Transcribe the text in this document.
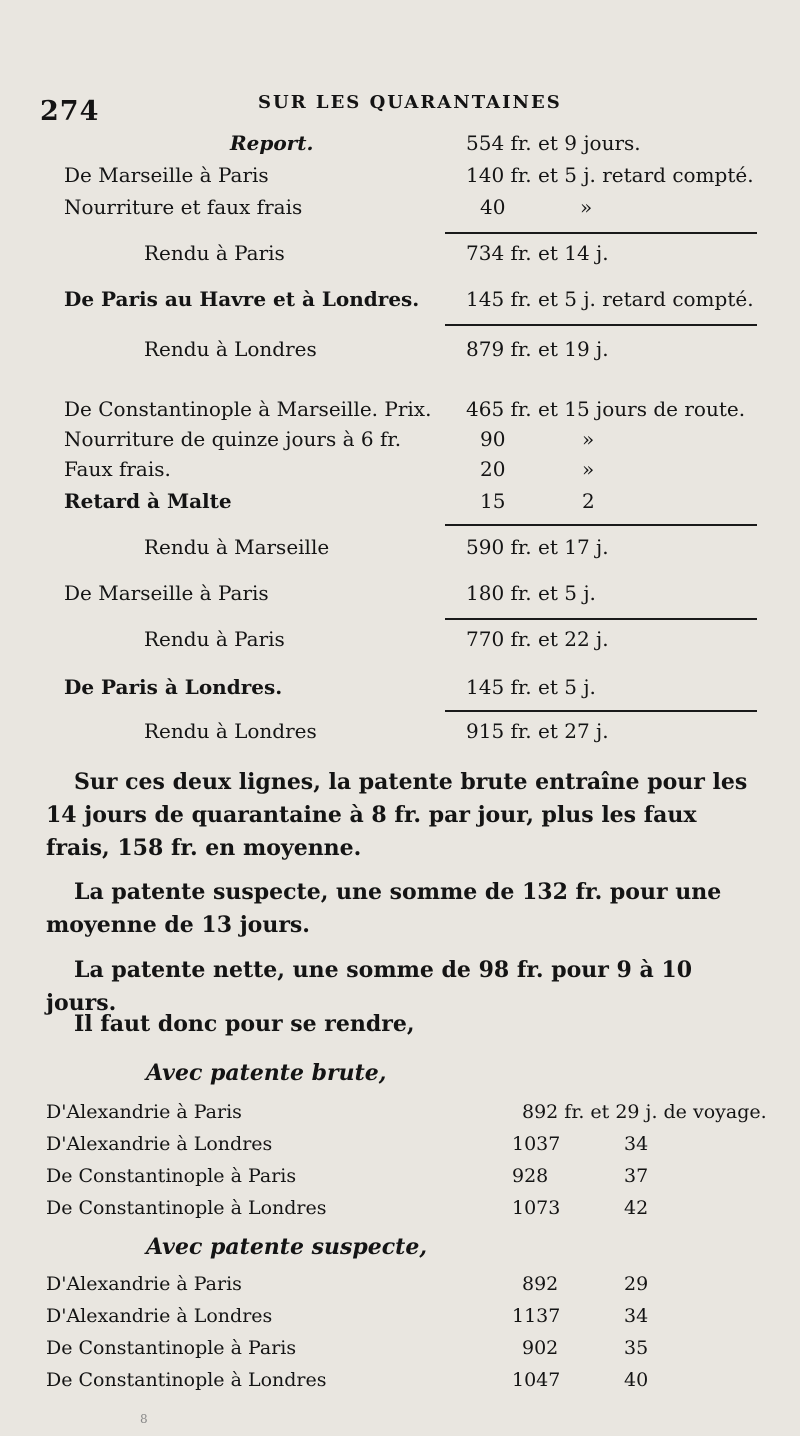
274	SUR LES QUARANTAINES
Report.	554 fr. et 9 jours.
De Marseille à Paris	140 fr. et 5 j. retard compté.
Nourriture et faux frais	40	»
Rendu à Paris	734 fr. et 14 j.
De Paris au Havre et à Londres. 145 fr. et 5 j. retard compté.
Rendu à Londres	879 fr. et 19 j.
De Constantinople à Marseille. Prix. 465 fr. et 15 jours de route.
Nourriture de quinze jours à 6 fr.	90	»
Faux frais.	20	»
Retard à Malte	15	2
Rendu à Marseille	590 fr. et 17 j.
De Marseille à Paris	180 fr. et 5 j.
Rendu à Paris	770 fr. et 22 j.
De Paris à Londres.	145 fr. et 5 j.
Rendu à Londres	915 fr. et 27 j.
Sur ces deux lignes, la patente brute entraîne pour les 14 jours de quarantaine à 8 fr. par jour, plus les faux frais, 158 fr. en moyenne.
La patente suspecte, une somme de 132 fr. pour une moyenne de 13 jours.
La patente nette, une somme de 98 fr. pour 9 à 10 jours.
Il faut donc pour se rendre,
Avec patente brute,
D'Alexandrie à Paris	892 fr. et 29 j. de voyage.
D'Alexandrie à Londres	1037	34
De Constantinople à Paris	928	37
De Constantinople à Londres	1073	42
Avec patente suspecte,
D'Alexandrie à Paris	892	29
D'Alexandrie à Londres	1137	34
De Constantinople à Paris	902	35
De Constantinople à Londres	1047	40
8
